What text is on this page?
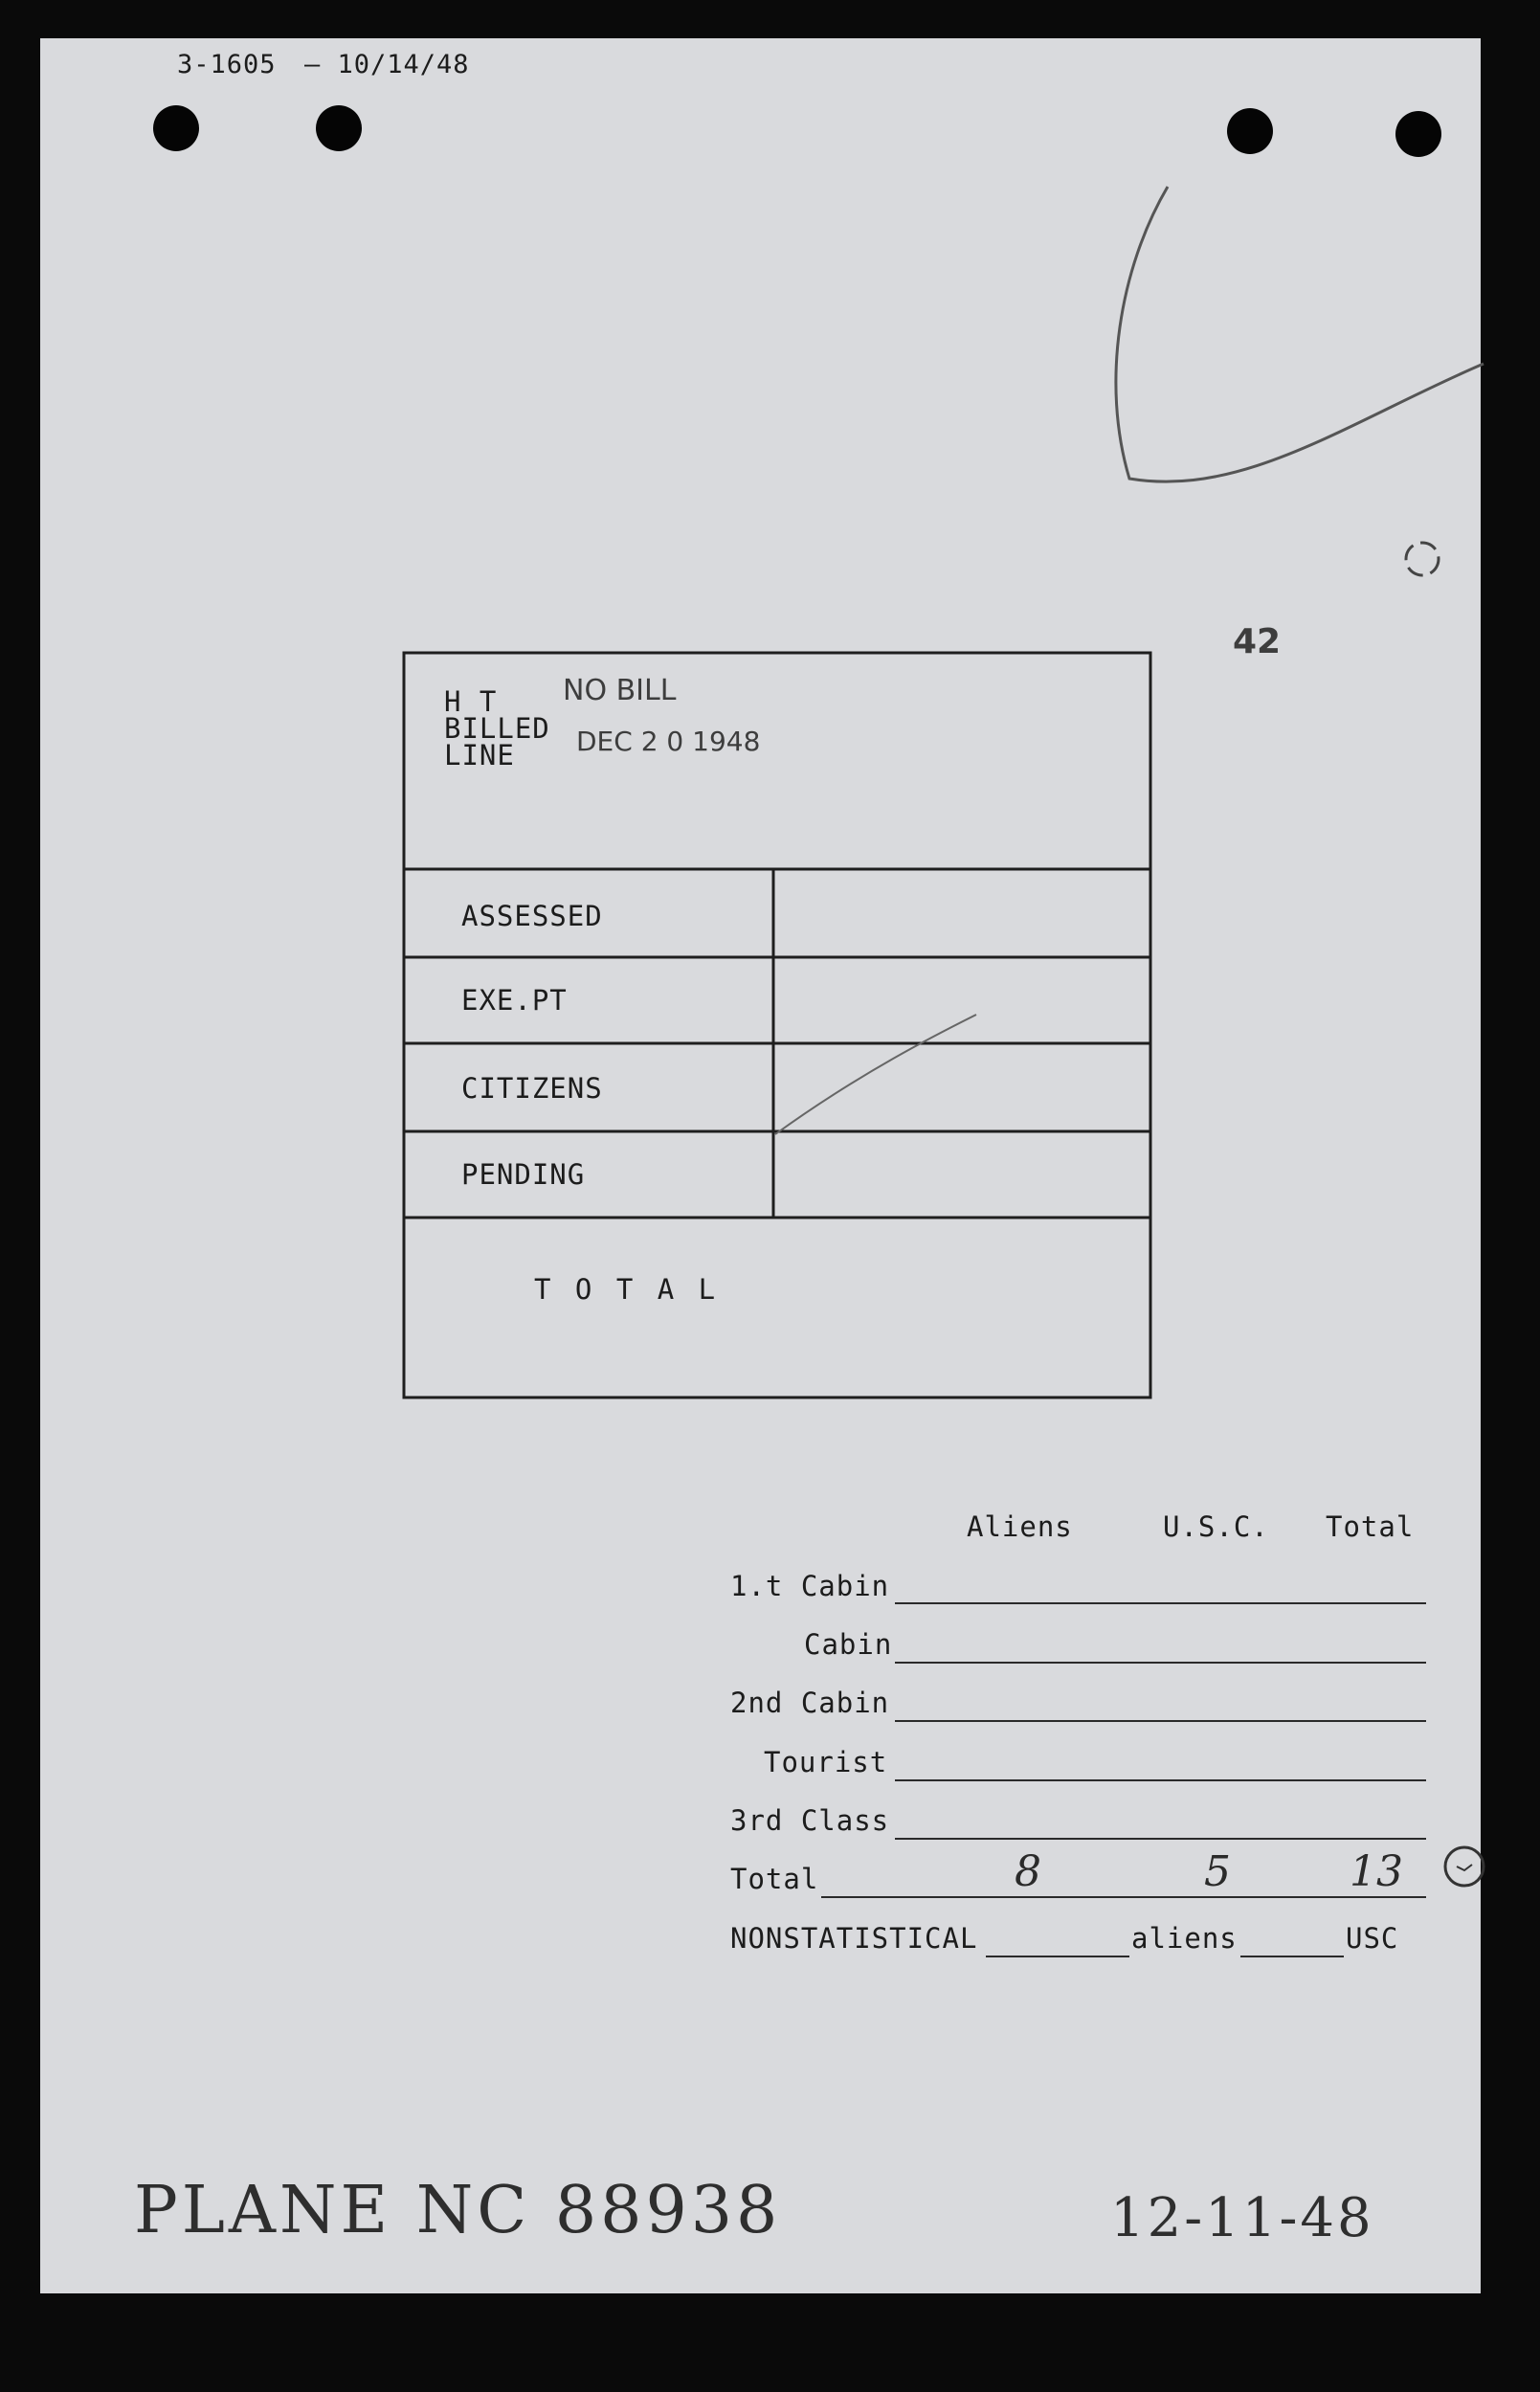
3-1605 — 10/14/48
42
H T
BILLED
LINE
NO BILL
DEC 2 0 1948
ASSESSED
EXE.PT
CITIZENS
PENDING
T O T A L
Aliens	U.S.C. Total
1.t Cabin
Cabin
2nd Cabin
Tourist
3rd Class
Total	8	5	13
NONSTATISTICAL	aliens	USC
PLANE NC 88938	12-11-48
